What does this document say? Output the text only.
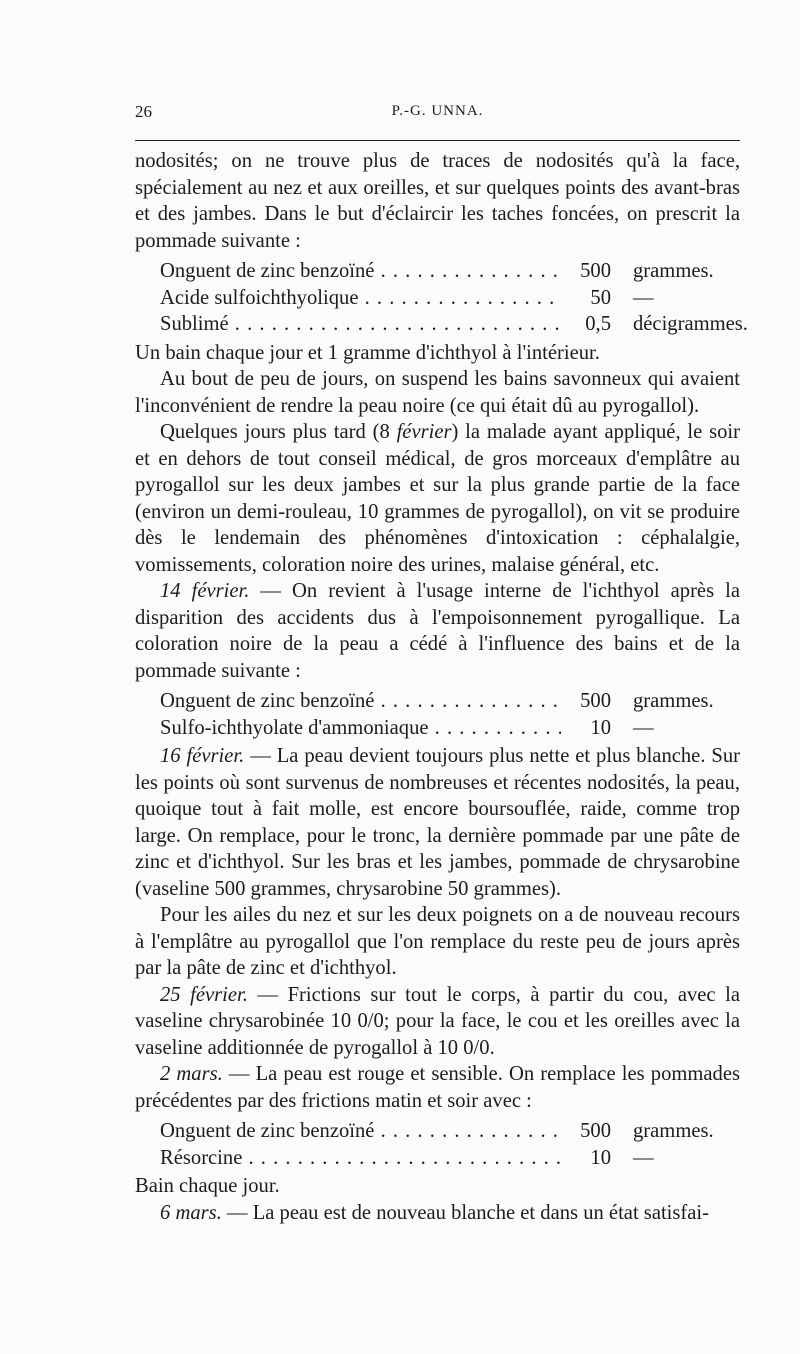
26	P.-G. UNNA.

nodosités; on ne trouve plus de traces de nodosités qu'à la face, spécialement au nez et aux oreilles, et sur quelques points des avant-bras et des jambes. Dans le but d'éclaircir les taches foncées, on prescrit la pommade suivante :

Onguent de zinc benzoïné . . .	500	grammes.
Acide sulfoichthyolique . . .	50	—
Sublimé . . .	0,5	décigrammes.

Un bain chaque jour et 1 gramme d'ichthyol à l'intérieur.

Au bout de peu de jours, on suspend les bains savonneux qui avaient l'inconvénient de rendre la peau noire (ce qui était dû au pyrogallol).

Quelques jours plus tard (8 février) la malade ayant appliqué, le soir et en dehors de tout conseil médical, de gros morceaux d'emplâtre au pyrogallol sur les deux jambes et sur la plus grande partie de la face (environ un demi-rouleau, 10 grammes de pyrogallol), on vit se produire dès le lendemain des phénomènes d'intoxication : céphalalgie, vomissements, coloration noire des urines, malaise général, etc.

14 février. — On revient à l'usage interne de l'ichthyol après la disparition des accidents dus à l'empoisonnement pyrogallique. La coloration noire de la peau a cédé à l'influence des bains et de la pommade suivante :

Onguent de zinc benzoïné . . .	500	grammes.
Sulfo-ichthyolate d'ammoniaque . . .	10	—

16 février. — La peau devient toujours plus nette et plus blanche. Sur les points où sont survenus de nombreuses et récentes nodosités, la peau, quoique tout à fait molle, est encore boursouflée, raide, comme trop large. On remplace, pour le tronc, la dernière pommade par une pâte de zinc et d'ichthyol. Sur les bras et les jambes, pommade de chrysarobine (vaseline 500 grammes, chrysarobine 50 grammes).

Pour les ailes du nez et sur les deux poignets on a de nouveau recours à l'emplâtre au pyrogallol que l'on remplace du reste peu de jours après par la pâte de zinc et d'ichthyol.

25 février. — Frictions sur tout le corps, à partir du cou, avec la vaseline chrysarobinée 10 0/0; pour la face, le cou et les oreilles avec la vaseline additionnée de pyrogallol à 10 0/0.

2 mars. — La peau est rouge et sensible. On remplace les pommades précédentes par des frictions matin et soir avec :

Onguent de zinc benzoïné . . .	500	grammes.
Résorcine . . .	10	—

Bain chaque jour.

6 mars. — La peau est de nouveau blanche et dans un état satisfai-
